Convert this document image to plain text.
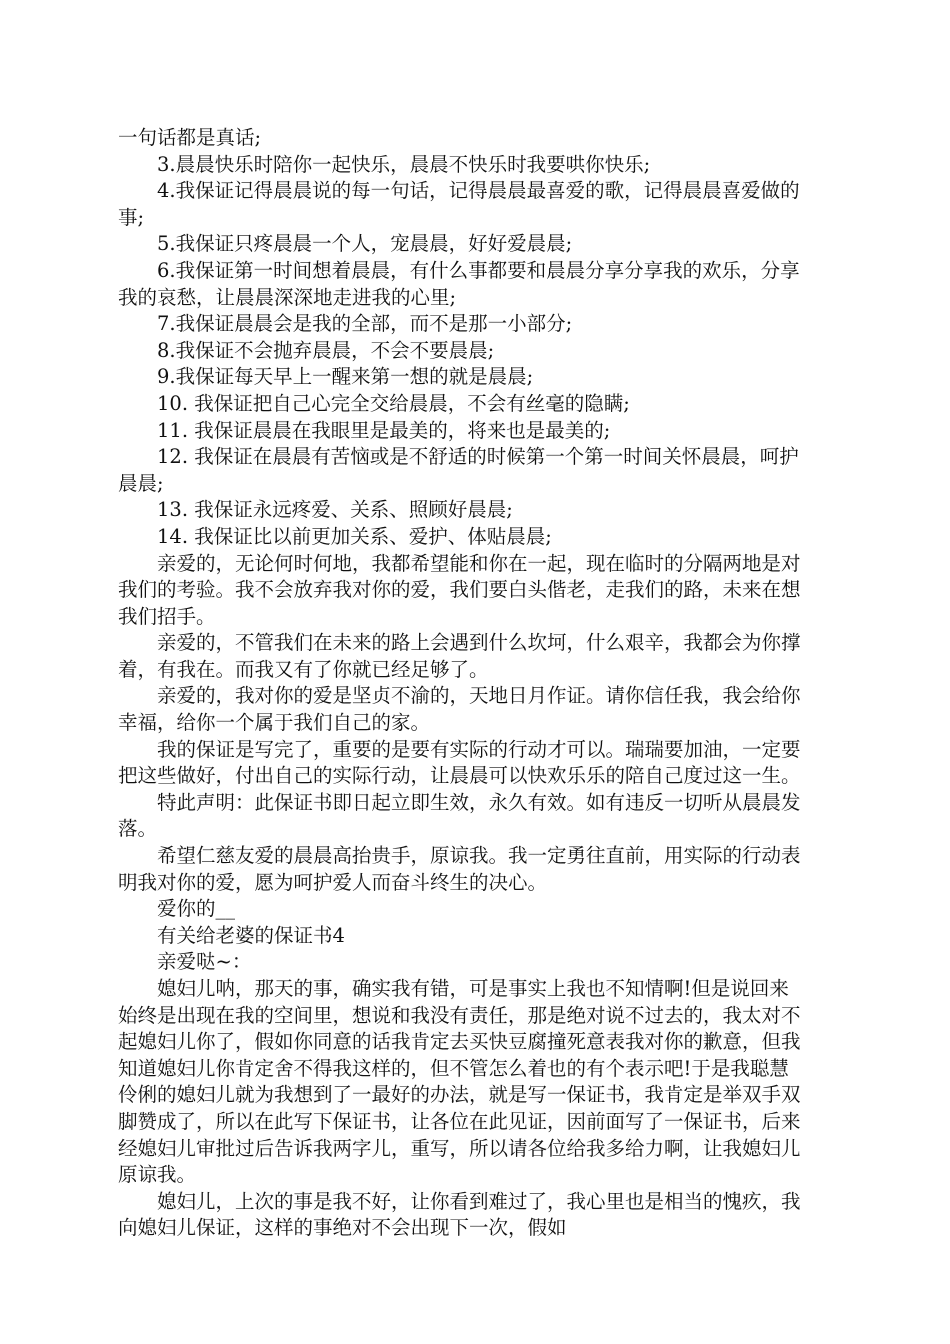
一句话都是真话;

3.晨晨快乐时陪你一起快乐，晨晨不快乐时我要哄你快乐;

4.我保证记得晨晨说的每一句话，记得晨晨最喜爱的歌，记得晨晨喜爱做的事;

5.我保证只疼晨晨一个人，宠晨晨，好好爱晨晨;

6.我保证第一时间想着晨晨，有什么事都要和晨晨分享分享我的欢乐，分享我的哀愁，让晨晨深深地走进我的心里;

7.我保证晨晨会是我的全部，而不是那一小部分;

8.我保证不会抛弃晨晨，不会不要晨晨;

9.我保证每天早上一醒来第一想的就是晨晨;

10. 我保证把自己心完全交给晨晨，不会有丝毫的隐瞒;

11. 我保证晨晨在我眼里是最美的，将来也是最美的;

12. 我保证在晨晨有苦恼或是不舒适的时候第一个第一时间关怀晨晨，呵护晨晨;

13. 我保证永远疼爱、关系、照顾好晨晨;

14. 我保证比以前更加关系、爱护、体贴晨晨;

亲爱的，无论何时何地，我都希望能和你在一起，现在临时的分隔两地是对我们的考验。我不会放弃我对你的爱，我们要白头偕老，走我们的路，未来在想我们招手。

亲爱的，不管我们在未来的路上会遇到什么坎坷，什么艰辛，我都会为你撑着，有我在。而我又有了你就已经足够了。

亲爱的，我对你的爱是坚贞不渝的，天地日月作证。请你信任我，我会给你幸福，给你一个属于我们自己的家。

我的保证是写完了，重要的是要有实际的行动才可以。瑞瑞要加油，一定要把这些做好，付出自己的实际行动，让晨晨可以快欢乐乐的陪自己度过这一生。

特此声明：此保证书即日起立即生效，永久有效。如有违反一切听从晨晨发落。

希望仁慈友爱的晨晨高抬贵手，原谅我。我一定勇往直前，用实际的行动表明我对你的爱，愿为呵护爱人而奋斗终生的决心。

爱你的__

有关给老婆的保证书4

亲爱哒~：

媳妇儿呐，那天的事，确实我有错，可是事实上我也不知情啊!但是说回来始终是出现在我的空间里，想说和我没有责任，那是绝对说不过去的，我太对不起媳妇儿你了，假如你同意的话我肯定去买快豆腐撞死意表我对你的歉意，但我知道媳妇儿你肯定舍不得我这样的，但不管怎么着也的有个表示吧!于是我聪慧伶俐的媳妇儿就为我想到了一最好的办法，就是写一保证书，我肯定是举双手双脚赞成了，所以在此写下保证书，让各位在此见证，因前面写了一保证书，后来经媳妇儿审批过后告诉我两字儿，重写，所以请各位给我多给力啊，让我媳妇儿原谅我。

媳妇儿，上次的事是我不好，让你看到难过了，我心里也是相当的愧疚，我向媳妇儿保证，这样的事绝对不会出现下一次，假如
